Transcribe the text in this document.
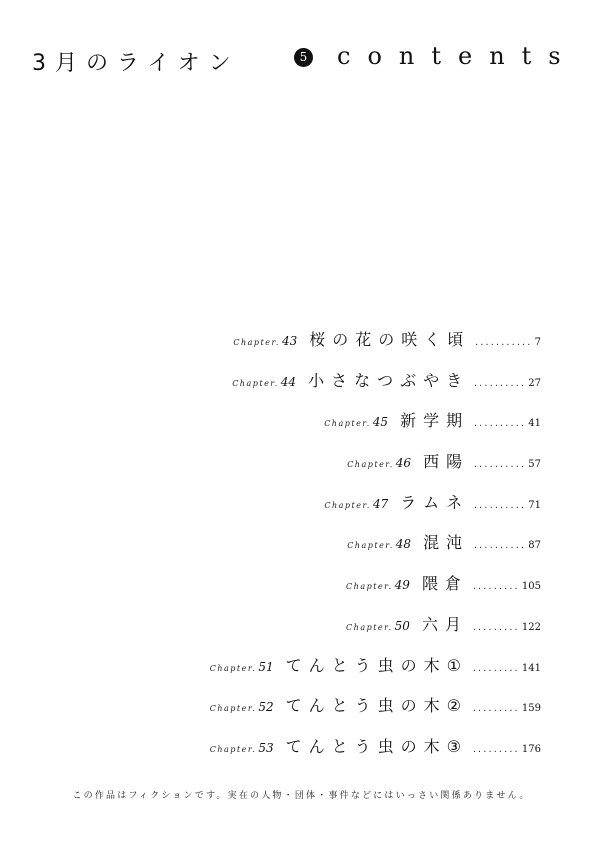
3月のライオン	5 contents
Chapter. 43 桜の花の咲く頃 ........... 7
Chapter. 44 小さなつぶやき .......... 27
Chapter. 45 新学期 .......... 41
Chapter. 46 西陽 .......... 57
Chapter. 47 ラムネ .......... 71
Chapter. 48 混沌 .......... 87
Chapter. 49 隈倉 ......... 105
Chapter. 50 六月 ......... 122
Chapter. 51 てんとう虫の木① ......... 141
Chapter. 52 てんとう虫の木② ......... 159
Chapter. 53 てんとう虫の木③ ......... 176
この作品はフィクションです。実在の人物・団体・事件などにはいっさい関係ありません。
